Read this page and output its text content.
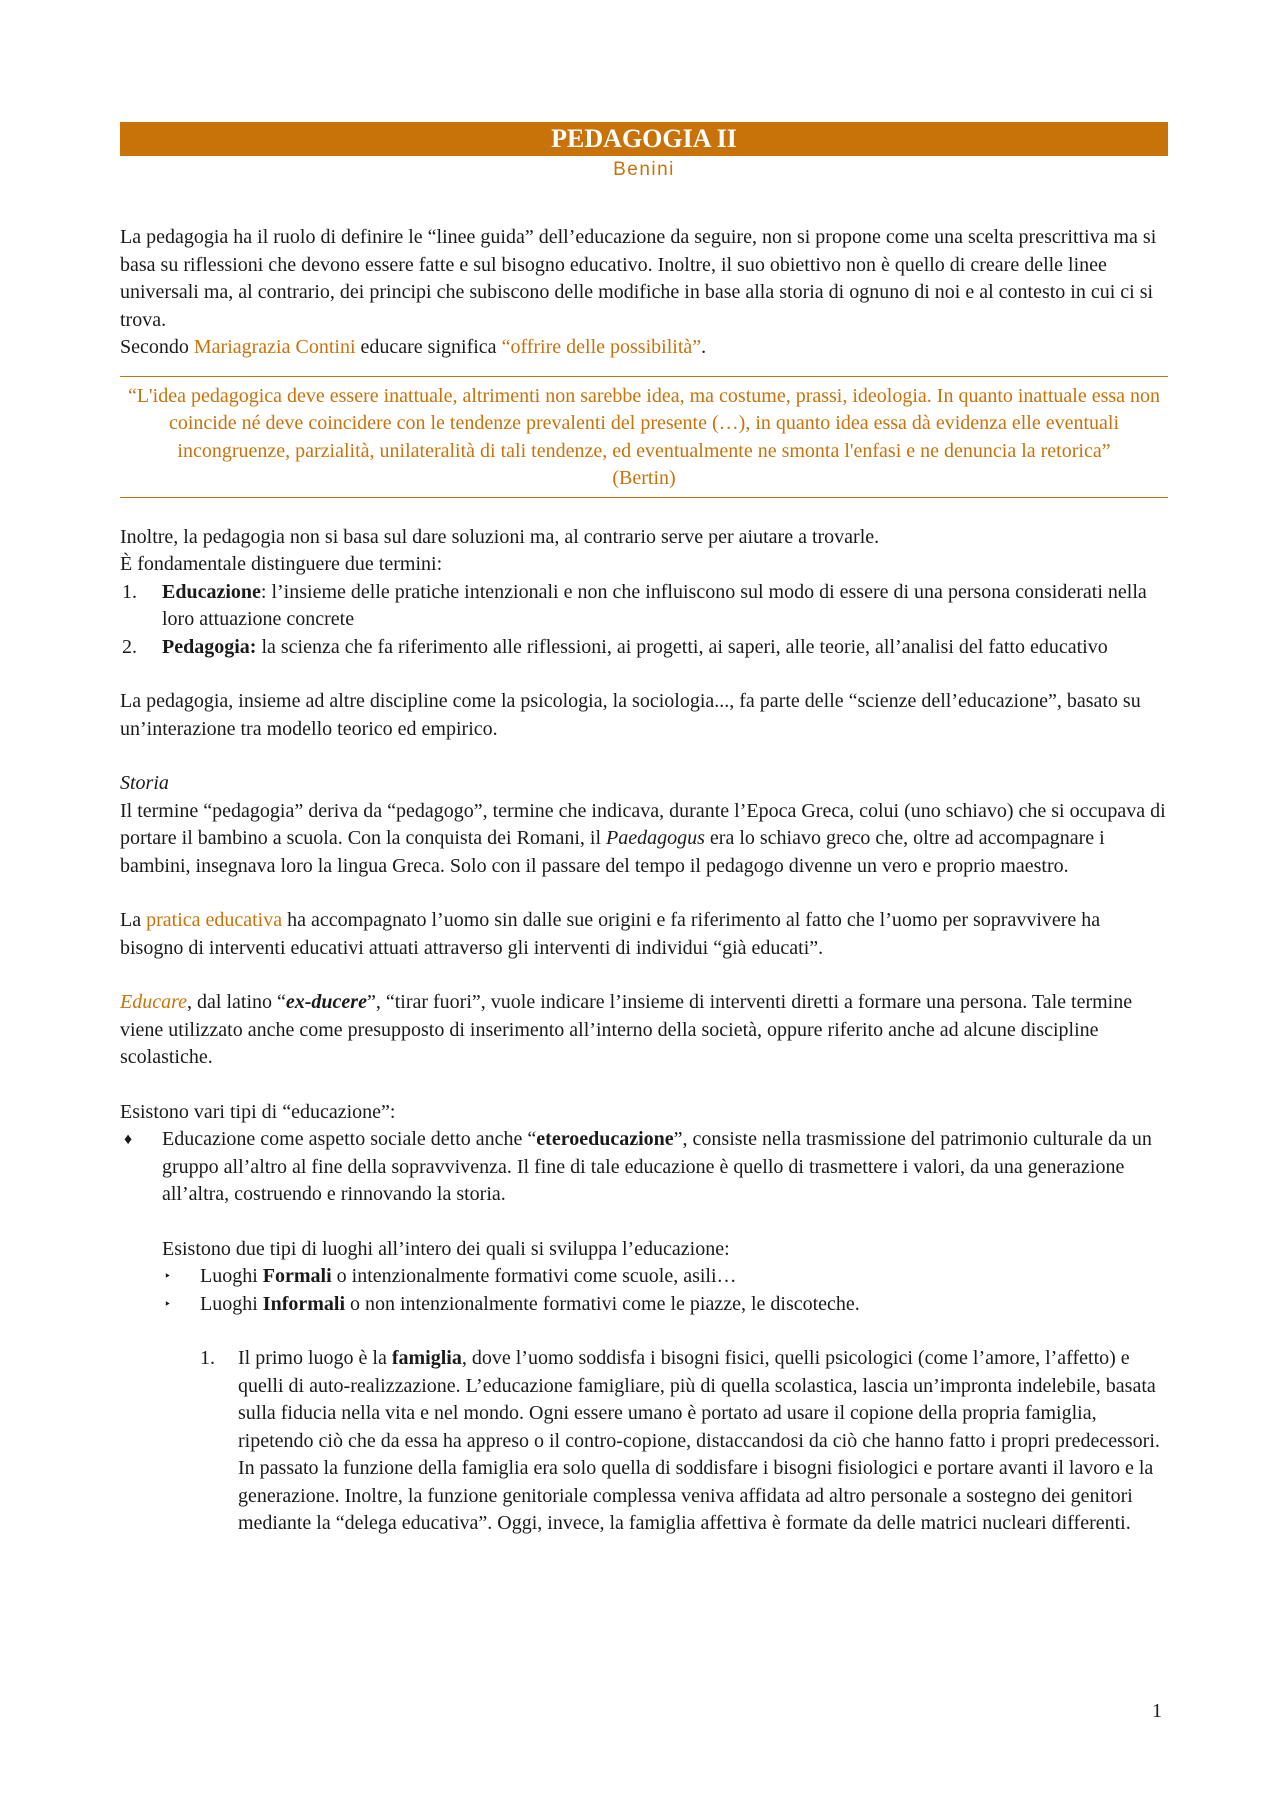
PEDAGOGIA II
Benini

La pedagogia ha il ruolo di definire le “linee guida” dell’educazione da seguire, non si propone come una scelta prescrittiva ma si basa su riflessioni che devono essere fatte e sul bisogno educativo. Inoltre, il suo obiettivo non è quello di creare delle linee universali ma, al contrario, dei principi che subiscono delle modifiche in base alla storia di ognuno di noi e al contesto in cui ci si trova.

Secondo Mariagrazia Contini educare significa “offrire delle possibilità”.

“L'idea pedagogica deve essere inattuale, altrimenti non sarebbe idea, ma costume, prassi, ideologia. In quanto inattuale essa non coincide né deve coincidere con le tendenze prevalenti del presente (…), in quanto idea essa dà evidenza elle eventuali incongruenze, parzialità, unilateralità di tali tendenze, ed eventualmente ne smonta l'enfasi e ne denuncia la retorica”
(Bertin)

Inoltre, la pedagogia non si basa sul dare soluzioni ma, al contrario serve per aiutare a trovarle.

È fondamentale distinguere due termini:

1. Educazione: l’insieme delle pratiche intenzionali e non che influiscono sul modo di essere di una persona considerati nella loro attuazione concrete
2. Pedagogia: la scienza che fa riferimento alle riflessioni, ai progetti, ai saperi, alle teorie, all’analisi del fatto educativo

La pedagogia, insieme ad altre discipline come la psicologia, la sociologia..., fa parte delle “scienze dell’educazione”, basato su un’interazione tra modello teorico ed empirico.

Storia

Il termine “pedagogia” deriva da “pedagogo”, termine che indicava, durante l’Epoca Greca, colui (uno schiavo) che si occupava di portare il bambino a scuola. Con la conquista dei Romani, il Paedagogus era lo schiavo greco che, oltre ad accompagnare i bambini, insegnava loro la lingua Greca. Solo con il passare del tempo il pedagogo divenne un vero e proprio maestro.

La pratica educativa ha accompagnato l’uomo sin dalle sue origini e fa riferimento al fatto che l’uomo per sopravvivere ha bisogno di interventi educativi attuati attraverso gli interventi di individui “già educati”.

Educare, dal latino “ex-ducere”, “tirar fuori”, vuole indicare l’insieme di interventi diretti a formare una persona. Tale termine viene utilizzato anche come presupposto di inserimento all’interno della società, oppure riferito anche ad alcune discipline scolastiche.

Esistono vari tipi di “educazione”:

♦ Educazione come aspetto sociale detto anche “eteroeducazione”, consiste nella trasmissione del patrimonio culturale da un gruppo all’altro al fine della sopravvivenza. Il fine di tale educazione è quello di trasmettere i valori, da una generazione all’altra, costruendo e rinnovando la storia.

Esistono due tipi di luoghi all’intero dei quali si sviluppa l’educazione:

‣ Luoghi Formali o intenzionalmente formativi come scuole, asili…
‣ Luoghi Informali o non intenzionalmente formativi come le piazze, le discoteche.
1. Il primo luogo è la famiglia, dove l’uomo soddisfa i bisogni fisici, quelli psicologici (come l’amore, l’affetto) e quelli di auto-realizzazione. L’educazione famigliare, più di quella scolastica, lascia un’impronta indelebile, basata sulla fiducia nella vita e nel mondo. Ogni essere umano è portato ad usare il copione della propria famiglia, ripetendo ciò che da essa ha appreso o il contro-copione, distaccandosi da ciò che hanno fatto i propri predecessori. In passato la funzione della famiglia era solo quella di soddisfare i bisogni fisiologici e portare avanti il lavoro e la generazione. Inoltre, la funzione genitoriale complessa veniva affidata ad altro personale a sostegno dei genitori mediante la “delega educativa”. Oggi, invece, la famiglia affettiva è formate da delle matrici nucleari differenti.
1
